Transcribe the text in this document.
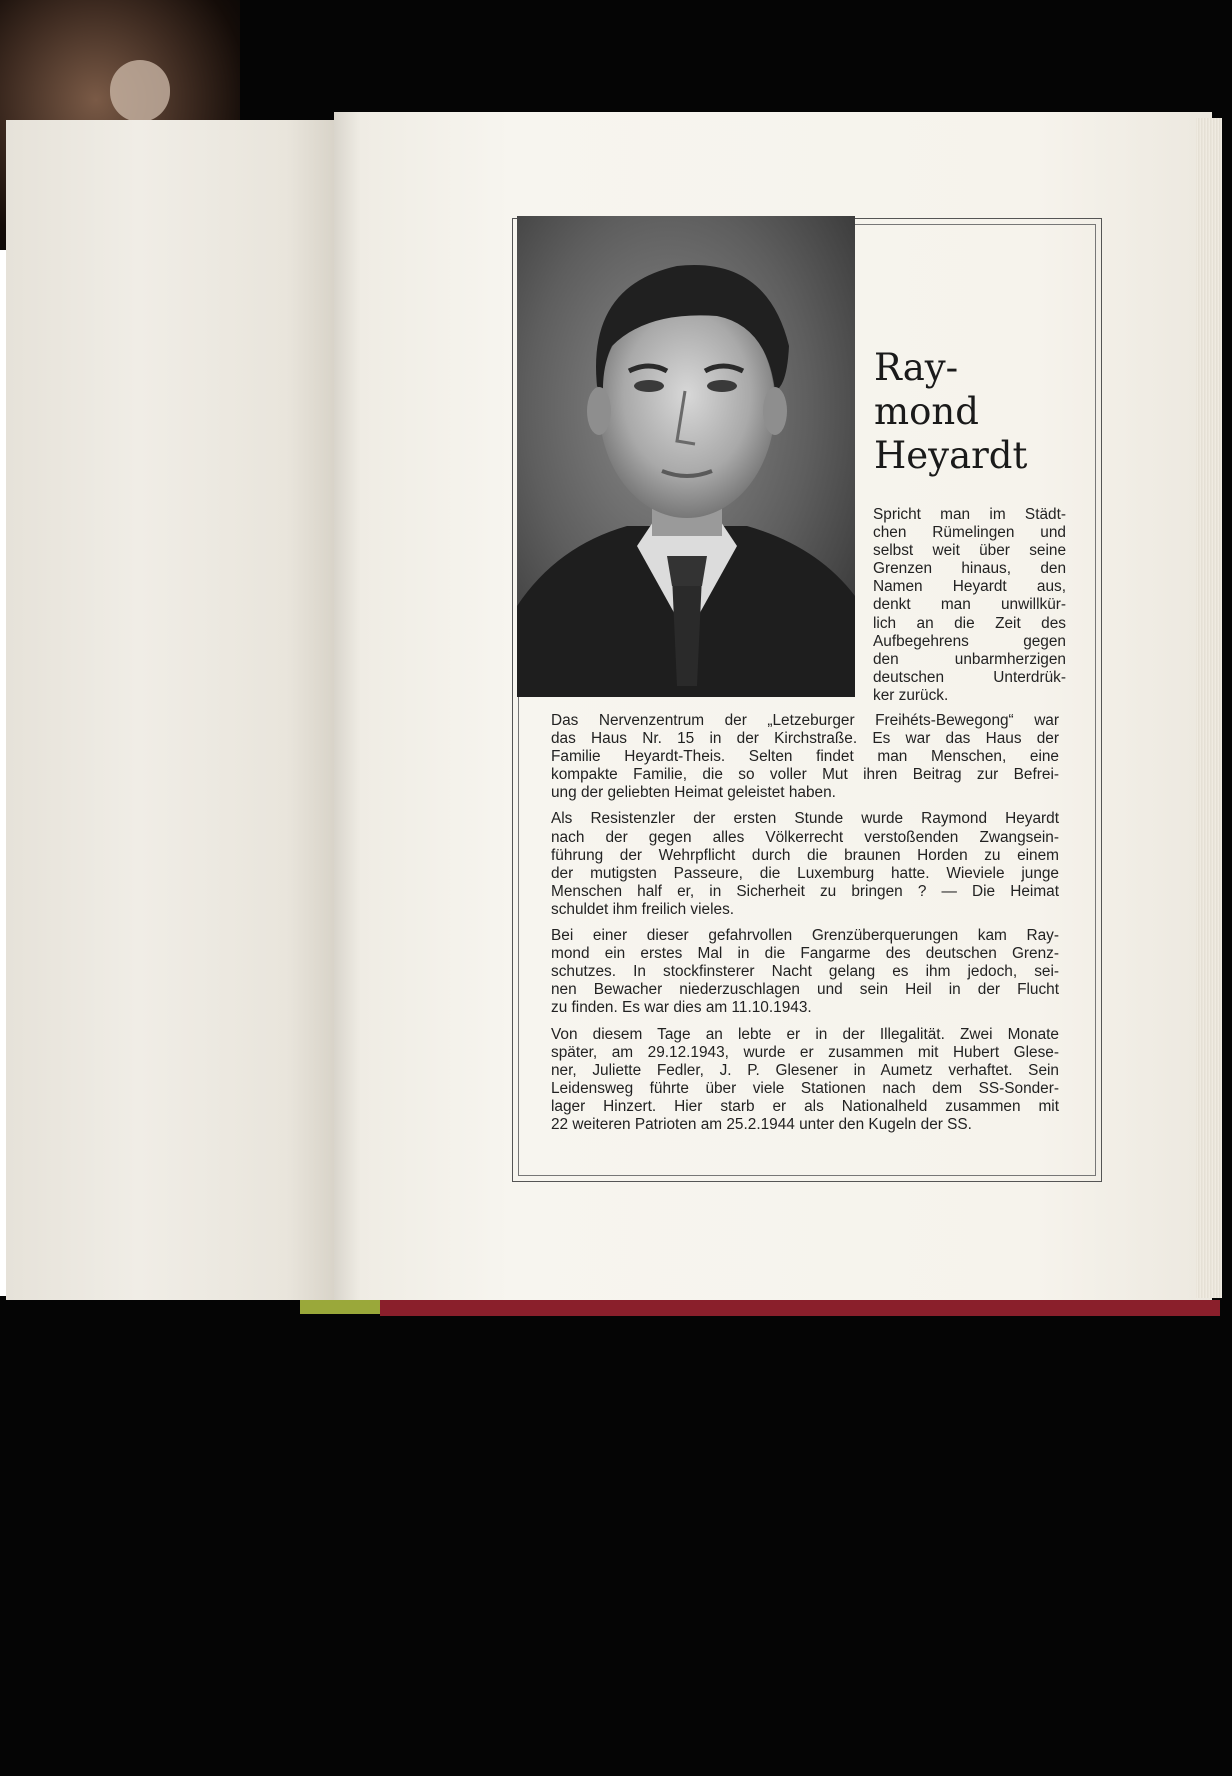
Ray-
mond
Heyardt
Spricht man im Städt-
chen Rümelingen und
selbst weit über seine
Grenzen hinaus, den
Namen Heyardt aus,
denkt man unwillkür-
lich an die Zeit des
Aufbegehrens gegen
den unbarmherzigen
deutschen Unterdrük-
ker zurück.

Das Nervenzentrum der „Letzeburger Freihéts-Bewegong“ war
das Haus Nr. 15 in der Kirchstraße. Es war das Haus der
Familie Heyardt-Theis. Selten findet man Menschen, eine
kompakte Familie, die so voller Mut ihren Beitrag zur Befrei-
ung der geliebten Heimat geleistet haben.

Als Resistenzler der ersten Stunde wurde Raymond Heyardt
nach der gegen alles Völkerrecht verstoßenden Zwangsein-
führung der Wehrpflicht durch die braunen Horden zu einem
der mutigsten Passeure, die Luxemburg hatte. Wieviele junge
Menschen half er, in Sicherheit zu bringen ? — Die Heimat
schuldet ihm freilich vieles.

Bei einer dieser gefahrvollen Grenzüberquerungen kam Ray-
mond ein erstes Mal in die Fangarme des deutschen Grenz-
schutzes. In stockfinsterer Nacht gelang es ihm jedoch, sei-
nen Bewacher niederzuschlagen und sein Heil in der Flucht
zu finden. Es war dies am 11.10.1943.

Von diesem Tage an lebte er in der Illegalität. Zwei Monate
später, am 29.12.1943, wurde er zusammen mit Hubert Glese-
ner, Juliette Fedler, J. P. Glesener in Aumetz verhaftet. Sein
Leidensweg führte über viele Stationen nach dem SS-Sonder-
lager Hinzert. Hier starb er als Nationalheld zusammen mit
22 weiteren Patrioten am 25.2.1944 unter den Kugeln der SS.
